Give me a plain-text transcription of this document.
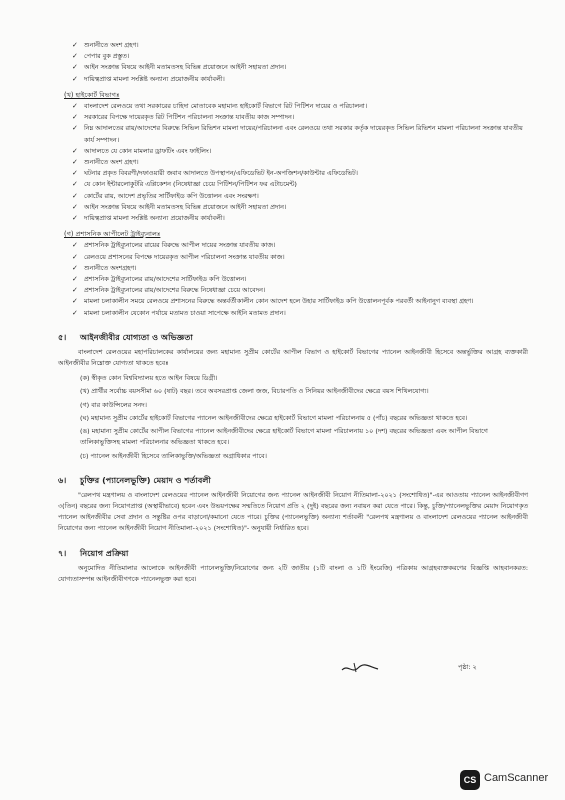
✓ শুনানীতে অংশ গ্রহণ।
✓ পেপার বুক প্রস্তুত।
✓ আইন সংক্রান্ত বিষয়ে আইনী মতামতসহ বিভিন্ন প্রয়োজনে আইনী সহায়তা প্রদান।
✓ দায়িত্বপ্রাপ্ত মামলা সংশ্লিষ্ট অন্যান্য প্রয়োজনীয় কার্যাবলী।
(খ) হাইকোর্ট বিভাগঃ
✓ বাংলাদেশ রেলওয়ে তথা সরকারের চাহিদা মোতাবেক মহামান্য হাইকোর্ট বিভাগে রিট পিটিশন দায়ের ও পরিচালনা।
✓ সরকারের বিপক্ষে দায়েরকৃত রিট পিটিশন পরিচালনা সংক্রান্ত যাবতীয় কাজ সম্পাদন।
✓ নিম্ন আদালতের রায়/আদেশের বিরুদ্ধে সিভিল রিভিশন মামলা দায়ের/পরিচালনা এবং রেলওয়ে তথা সরকার কর্তৃক দায়েরকৃত সিভিল রিভিশন মামলা পরিচালনা সংক্রান্ত যাবতীয় কার্য সম্পাদন।
✓ আদালতে যে কোন মামলার ড্রাফটিং এবং ফাইলিং।
✓ শুনানীতে অংশ গ্রহণ।
✓ ঘটনার প্রকৃত বিবরণী/দফাওয়ারী জবাব আদালতে উপস্থাপন/এফিডেভিট ইন-অপজিশন/কাউন্টার এফিডেভিট।
✓ যে কোন ইন্টারলোকুটরি এপ্লিকেশন (নিষেধাজ্ঞা চেয়ে পিটিশন/পিটিশন ফর এটাচমেন্ট)
✓ কোর্টের রায়, আদেশ প্রভৃতির সার্টিফাইড কপি উত্তোলন এবং সংরক্ষণ।
✓ আইন সংক্রান্ত বিষয়ে আইনী মতামতসহ বিভিন্ন প্রয়োজনে আইনী সহায়তা প্রদান।
✓ দায়িত্বপ্রাপ্ত মামলা সংশ্লিষ্ট অন্যান্য প্রয়োজনীয় কার্যাবলী।
(গ) প্রশাসনিক আপীলেট ট্রাইব্যুনালঃ
✓ প্রশাসনিক ট্রাইব্যুনালের রায়ের বিরুদ্ধে আপীল দায়ের সংক্রান্ত যাবতীয় কাজ।
✓ রেলওয়ে প্রশাসনের বিপক্ষে দায়েরকৃত আপীল পরিচালনা সংক্রান্ত যাবতীয় কাজ।
✓ শুনানীতে অংশগ্রহণ।
✓ প্রশাসনিক ট্রাইব্যুনালের রায়/আদেশের সার্টিফাইড কপি উত্তোলন।
✓ প্রশাসনিক ট্রাইব্যুনালের রায়/আদেশের বিরুদ্ধে নিষেধাজ্ঞা চেয়ে আবেদন।
✓ মামলা চলাকালীন সময়ে রেলওয়ে প্রশাসনের বিরুদ্ধে অন্তর্বর্তীকালীন কোন আদেশ হলে উহার সার্টিফাইড কপি উত্তোলনপূর্বক পরবর্তী আইনানুগ ব্যবস্থা গ্রহণ।
✓ মামলা চলাকালীন যেকোন পর্যায়ে মতামত চাওয়া সাপেক্ষে আইনি মতামত প্রদান।
৫।	আইনজীবীর যোগ্যতা ও অভিজ্ঞতা
বাংলাদেশ রেলওয়ের মহাপরিচালকের কার্যালয়ের জন্য মহামান্য সুপ্রীম কোর্টের আপীল বিভাগ ও হাইকোর্ট বিভাগের প্যানেল আইনজীবী হিসেবে অন্তর্ভুক্তির আগ্রহ ব্যক্তকারী আইনজীবীর নিম্নোক্ত যোগ্যতা থাকতে হবেঃ
(ক) স্বীকৃত কোন বিশ্ববিদ্যালয় হতে আইন বিষয়ে ডিগ্রী।
(খ) প্রার্থীর সর্বোচ্চ বয়সসীমা ৬০ (ষাট) বছর। তবে অবসরপ্রাপ্ত জেলা জজ, বিচারপতি ও সিনিয়র আইনজীবীদের ক্ষেত্রে বয়স শিথিলযোগ্য।
(গ) বার কাউন্সিলের সনদ।
(ঘ) মহামান্য সুপ্রীম কোর্টের হাইকোর্ট বিভাগের প্যানেল আইনজীবীদের ক্ষেত্রে হাইকোর্ট বিভাগে মামলা পরিচালনায় ৫ (পাঁচ) বছরের অভিজ্ঞতা থাকতে হবে।
(ঙ) মহামান্য সুপ্রীম কোর্টের আপীল বিভাগের প্যানেল আইনজীবীদের ক্ষেত্রে হাইকোর্ট বিভাগে মামলা পরিচালনায় ১০ (দশ) বছরের অভিজ্ঞতা এবং আপীল বিভাগে তালিকাভুক্তিসহ মামলা পরিচালনার অভিজ্ঞতা থাকতে হবে।
(চ) প্যানেল আইনজীবী হিসেবে তালিকাভুক্তি/অভিজ্ঞতা অগ্রাধিকার পাবে।
৬।	চুক্তির (প্যানেলভুক্তি) মেয়াদ ও শর্তাবলী
"রেলপথ মন্ত্রণালয় ও বাংলাদেশ রেলওয়ের প্যানেল আইনজীবী নিয়োগের জন্য প্যানেল আইনজীবী নিয়োগ নীতিমালা-২০২১ (সংশোধিত)"-এর আওতায় প্যানেল আইনজীবীগণ ৩(তিন) বছরের জন্য নিয়োগপ্রাপ্ত (অস্থায়ীভাবে) হবেন এবং উভয়পক্ষের সম্মতিতে নিয়োগ প্রতি ২ (দুই) বছরের জন্য নবায়ন করা যেতে পারে। কিন্তু, চুক্তি/প্যানেলভুক্তির মেয়াদ নিয়োগকৃত প্যানেল আইনজীবীর সেবা প্রদান ও সন্তুষ্টির ওপর বাড়ানো/কমানো যেতে পারে। চুক্তির (প্যানেলভুক্তি) অন্যান্য শর্তাবলী "রেলপথ মন্ত্রণালয় ও বাংলাদেশ রেলওয়ের প্যানেল আইনজীবী নিয়োগের জন্য প্যানেল আইনজীবী নিয়োগ নীতিমালা-২০২১ (সংশোধিত)"- অনুযায়ী নির্ধারিত হবে।
৭।	নিয়োগ প্রক্রিয়া
অনুমোদিত নীতিমালার আলোকে আইনজীবী প্যানেলভুক্তি/নিয়োগের জন্য ২টি জাতীয় (১টি বাংলা ও ১টি ইংরেজি) পত্রিকায় আগ্রহব্যক্তকরণের বিজ্ঞপ্তি আহবানকরত: যোগ্যতাসম্পন্ন আইনজীবীগণকে প্যানেলভুক্ত করা হবে।
পৃষ্ঠা: ২
CS CamScanner
